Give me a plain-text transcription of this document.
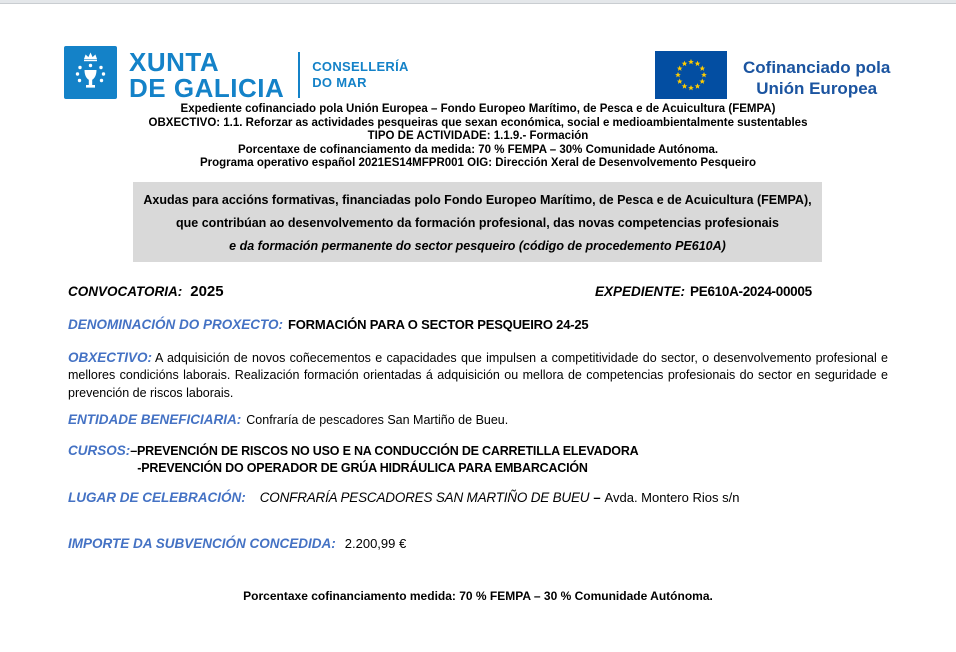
XUNTA
DE GALICIA
CONSELLERÍA
DO MAR
Cofinanciado pola
Unión Europea
Expediente cofinanciado pola Unión Europea – Fondo Europeo Marítimo, de Pesca e de Acuicultura (FEMPA)
OBXECTIVO: 1.1. Reforzar as actividades pesqueiras que sexan económica, social e medioambientalmente sustentables
TIPO DE ACTIVIDADE: 1.1.9.- Formación
Porcentaxe de cofinanciamento da medida: 70 % FEMPA – 30% Comunidade Autónoma.
Programa operativo español 2021ES14MFPR001 OIG: Dirección Xeral de Desenvolvemento Pesqueiro
Axudas para accións formativas, financiadas polo Fondo Europeo Marítimo, de Pesca e de Acuicultura (FEMPA),
que contribúan ao desenvolvemento da formación profesional, das novas competencias profesionais
e da formación permanente do sector pesqueiro (código de procedemento PE610A)
CONVOCATORIA: 2025	EXPEDIENTE: PE610A-2024-00005
DENOMINACIÓN DO PROXECTO: FORMACIÓN PARA O SECTOR PESQUEIRO 24-25
OBXECTIVO: A adquisición de novos coñecementos e capacidades que impulsen a competitividade do sector, o desenvolvemento profesional e mellores condicións laborais. Realización formación orientadas á adquisición ou mellora de competencias profesionais do sector en seguridade e prevención de riscos laborais.
ENTIDADE BENEFICIARIA: Confraría de pescadores San Martiño de Bueu.
CURSOS: –PREVENCIÓN DE RISCOS NO USO E NA CONDUCCIÓN DE CARRETILLA ELEVADORA
-PREVENCIÓN DO OPERADOR DE GRÚA HIDRÁULICA PARA EMBARCACIÓN
LUGAR DE CELEBRACIÓN: CONFRARÍA PESCADORES SAN MARTIÑO DE BUEU – Avda. Montero Rios s/n
IMPORTE DA SUBVENCIÓN CONCEDIDA: 2.200,99 €
Porcentaxe cofinanciamento medida: 70 % FEMPA – 30 % Comunidade Autónoma.
